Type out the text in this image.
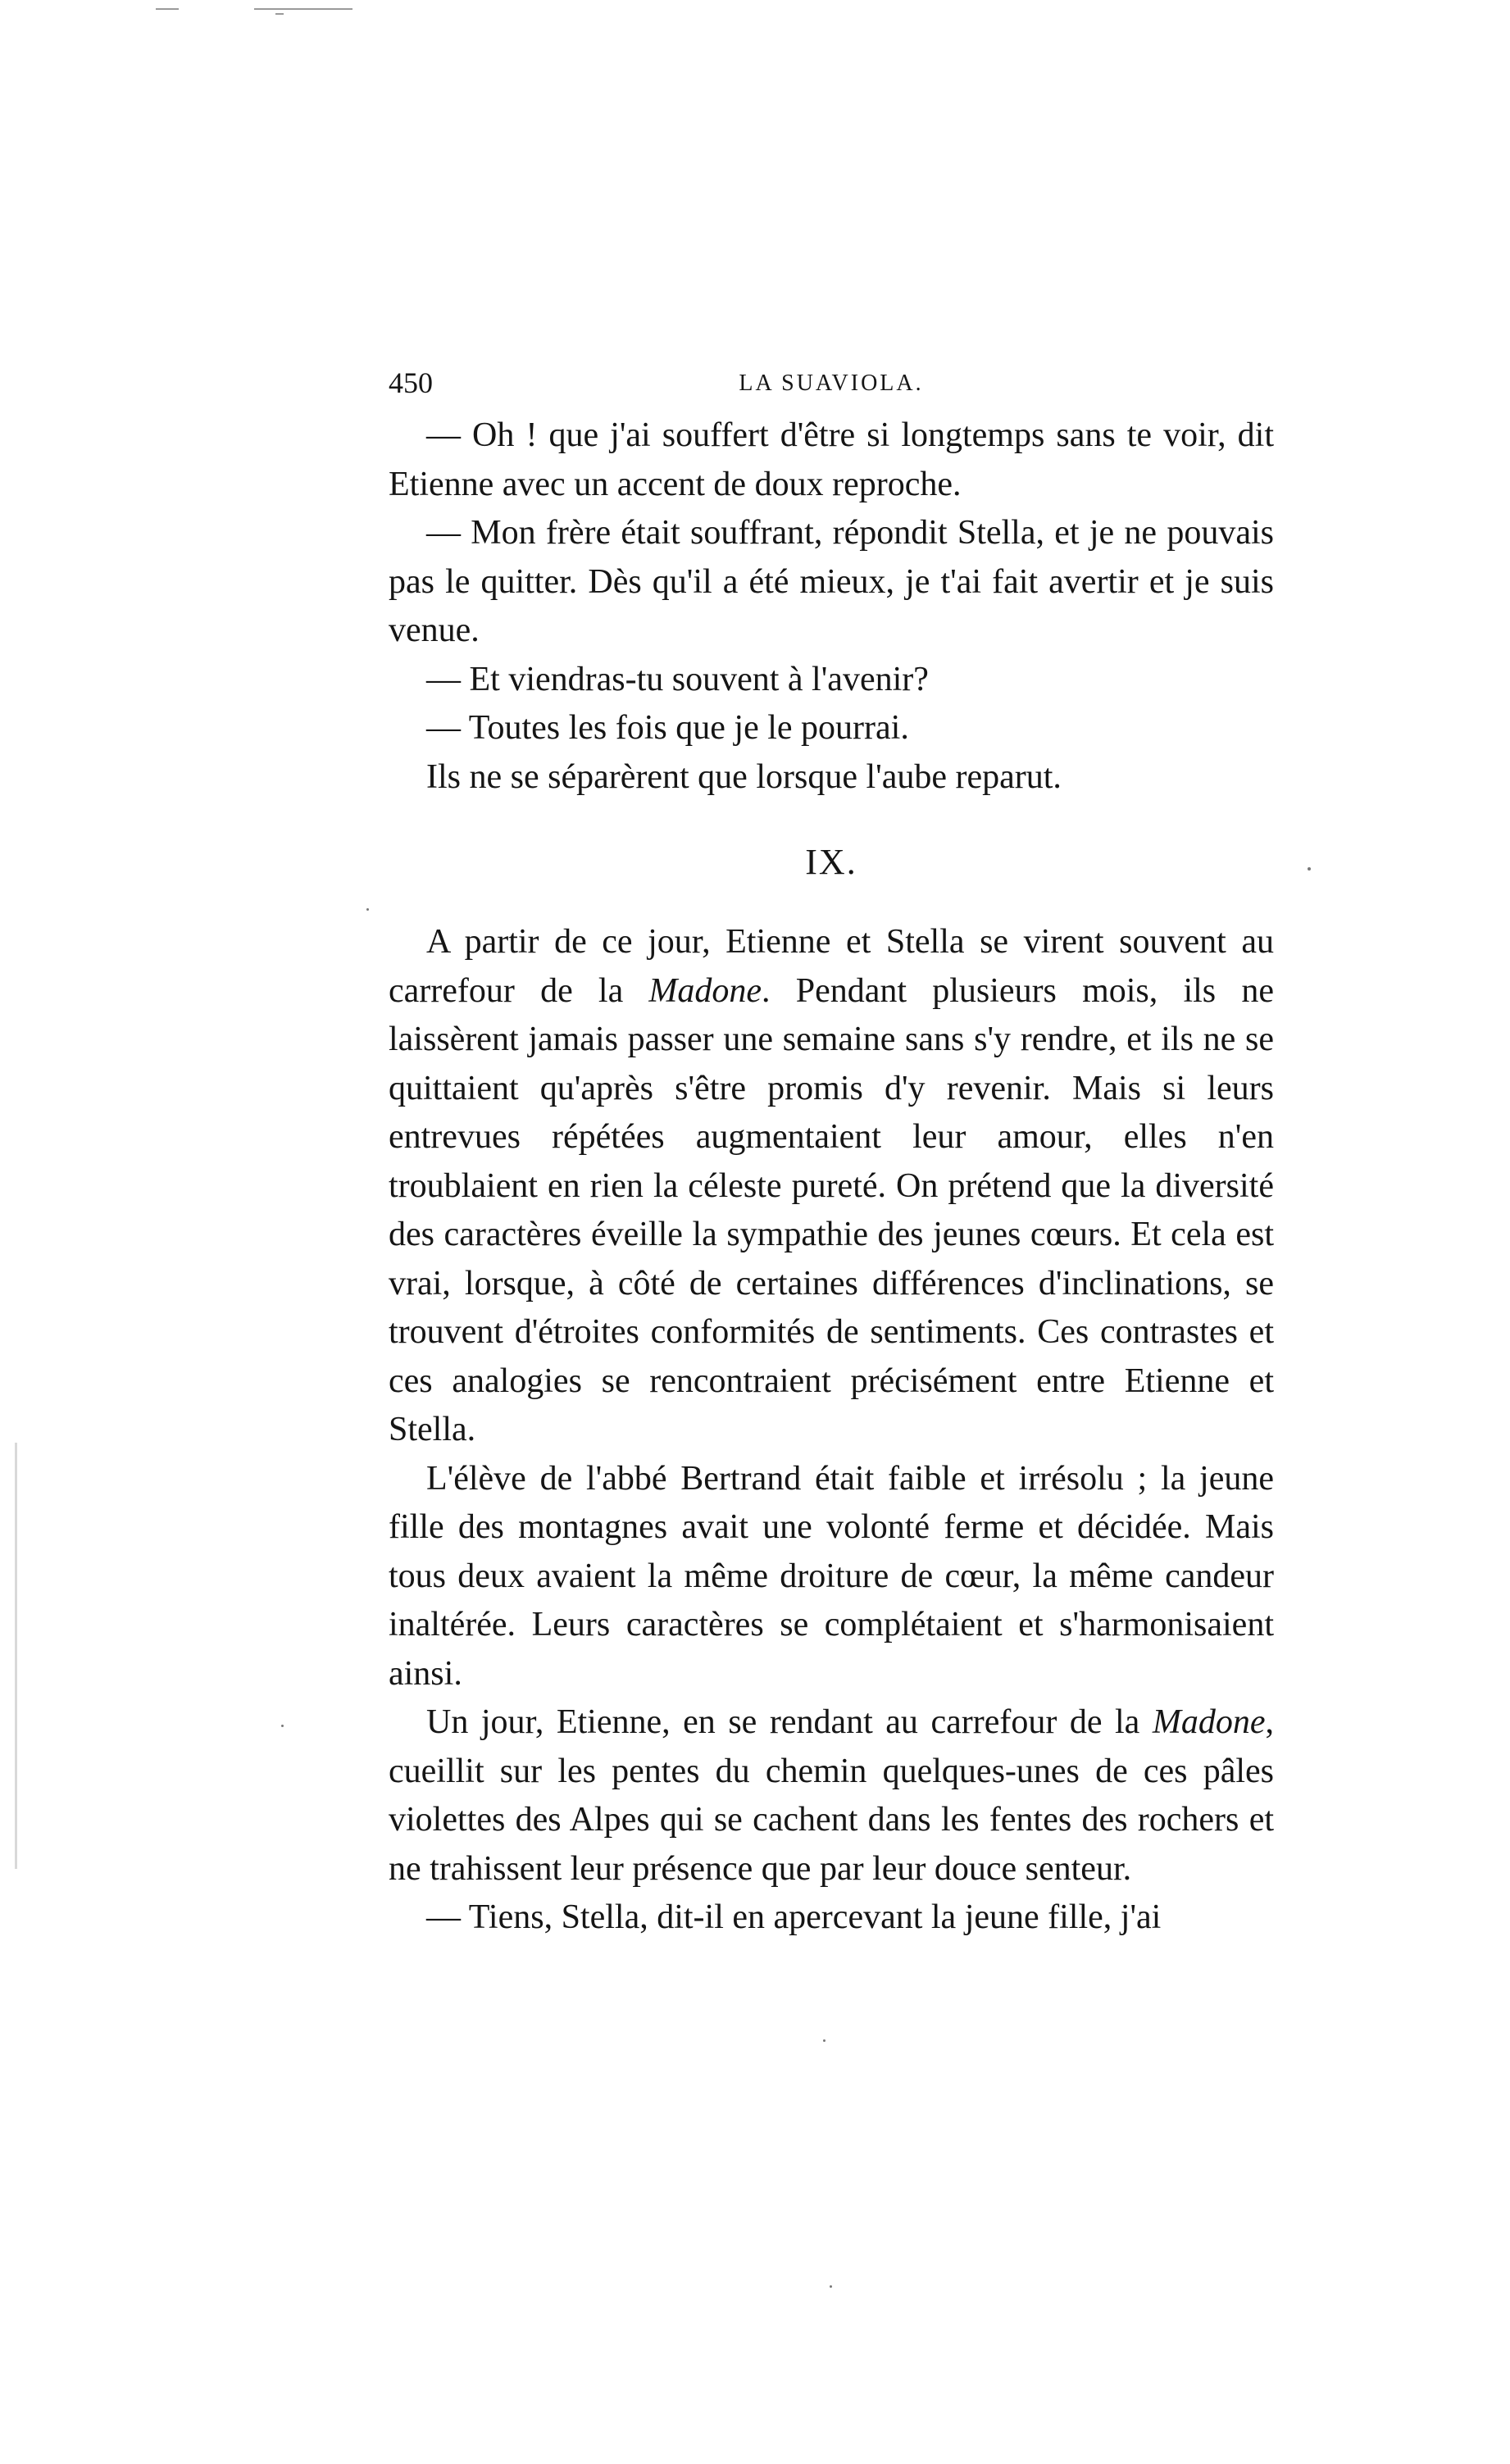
450	LA SUAVIOLA.

— Oh ! que j'ai souffert d'être si longtemps sans te voir, dit Etienne avec un accent de doux reproche.

— Mon frère était souffrant, répondit Stella, et je ne pouvais pas le quitter. Dès qu'il a été mieux, je t'ai fait avertir et je suis venue.

— Et viendras-tu souvent à l'avenir?

— Toutes les fois que je le pourrai.

Ils ne se séparèrent que lorsque l'aube reparut.

IX.

A partir de ce jour, Etienne et Stella se virent souvent au carrefour de la Madone. Pendant plusieurs mois, ils ne laissèrent jamais passer une semaine sans s'y rendre, et ils ne se quittaient qu'après s'être promis d'y revenir. Mais si leurs entrevues répétées augmentaient leur amour, elles n'en troublaient en rien la céleste pureté. On prétend que la diversité des caractères éveille la sympathie des jeunes cœurs. Et cela est vrai, lorsque, à côté de certaines différences d'inclinations, se trouvent d'étroites conformités de sentiments. Ces contrastes et ces analogies se rencontraient précisément entre Etienne et Stella.

L'élève de l'abbé Bertrand était faible et irrésolu ; la jeune fille des montagnes avait une volonté ferme et décidée. Mais tous deux avaient la même droiture de cœur, la même candeur inaltérée. Leurs caractères se complétaient et s'harmonisaient ainsi.

Un jour, Etienne, en se rendant au carrefour de la Madone, cueillit sur les pentes du chemin quelques-unes de ces pâles violettes des Alpes qui se cachent dans les fentes des rochers et ne trahissent leur présence que par leur douce senteur.

— Tiens, Stella, dit-il en apercevant la jeune fille, j'ai
